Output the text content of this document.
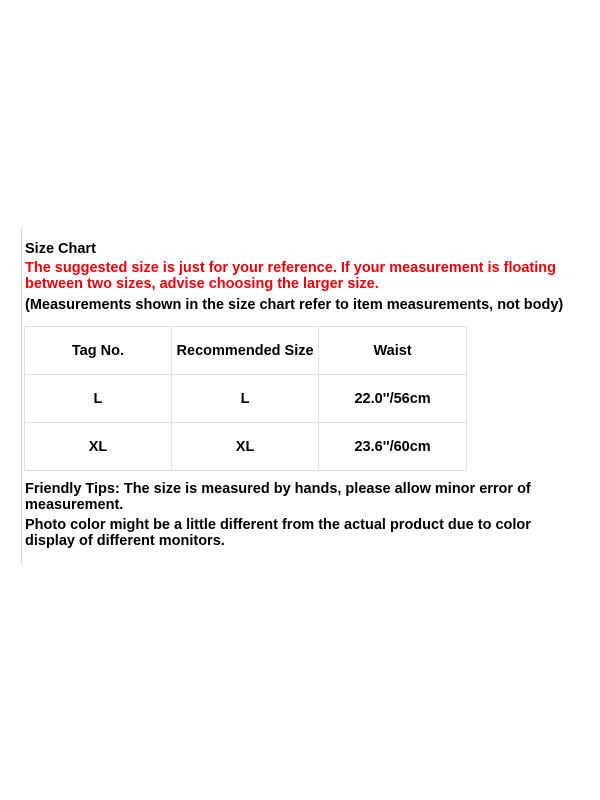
Size Chart
The suggested size is just for your reference. If your measurement is floating between two sizes, advise choosing the larger size.
(Measurements shown in the size chart refer to item measurements, not body)
Tag No.	Recommended Size	Waist
L	L	22.0''/56cm
XL	XL	23.6''/60cm

Friendly Tips: The size is measured by hands, please allow minor error of measurement.

Photo color might be a little different from the actual product due to color display of different monitors.
